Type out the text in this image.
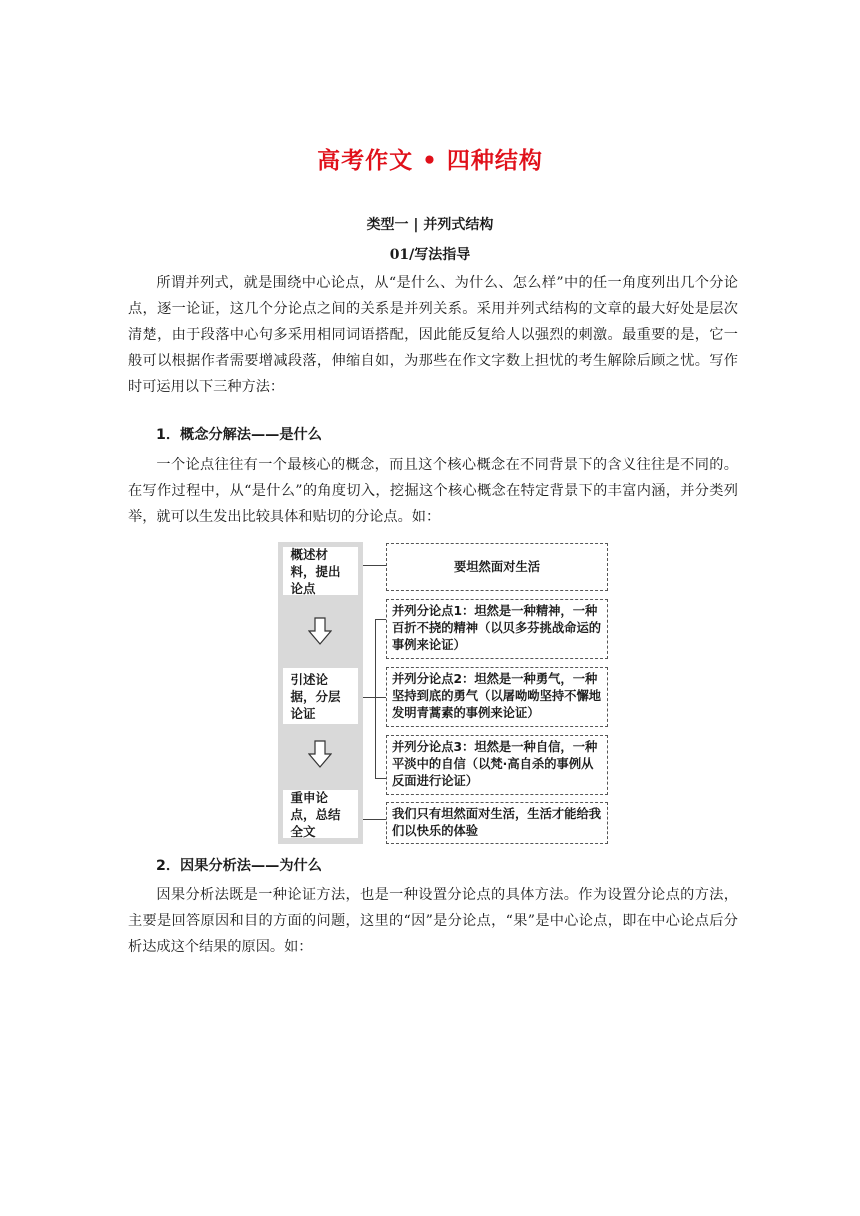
高考作文 • 四种结构
类型一 | 并列式结构
01/写法指导

所谓并列式，就是围绕中心论点，从“是什么、为什么、怎么样”中的任一角度列出几个分论点，逐一论证，这几个分论点之间的关系是并列关系。采用并列式结构的文章的最大好处是层次清楚，由于段落中心句多采用相同词语搭配，因此能反复给人以强烈的刺激。最重要的是，它一般可以根据作者需要增减段落，伸缩自如，为那些在作文字数上担忧的考生解除后顾之忧。写作时可运用以下三种方法：

1．概念分解法——是什么

一个论点往往有一个最核心的概念，而且这个核心概念在不同背景下的含义往往是不同的。在写作过程中，从“是什么”的角度切入，挖掘这个核心概念在特定背景下的丰富内涵，并分类列举，就可以生发出比较具体和贴切的分论点。如：

概述材料，提出论点
引述论据，分层论证
重申论点，总结全文
要坦然面对生活
并列分论点1：坦然是一种精神，一种百折不挠的精神（以贝多芬挑战命运的事例来论证）
并列分论点2：坦然是一种勇气，一种坚持到底的勇气（以屠呦呦坚持不懈地发明青蒿素的事例来论证）
并列分论点3：坦然是一种自信，一种平淡中的自信（以梵·高自杀的事例从反面进行论证）
我们只有坦然面对生活，生活才能给我们以快乐的体验

2．因果分析法——为什么

因果分析法既是一种论证方法，也是一种设置分论点的具体方法。作为设置分论点的方法，主要是回答原因和目的方面的问题，这里的“因”是分论点，“果”是中心论点，即在中心论点后分析达成这个结果的原因。如：
